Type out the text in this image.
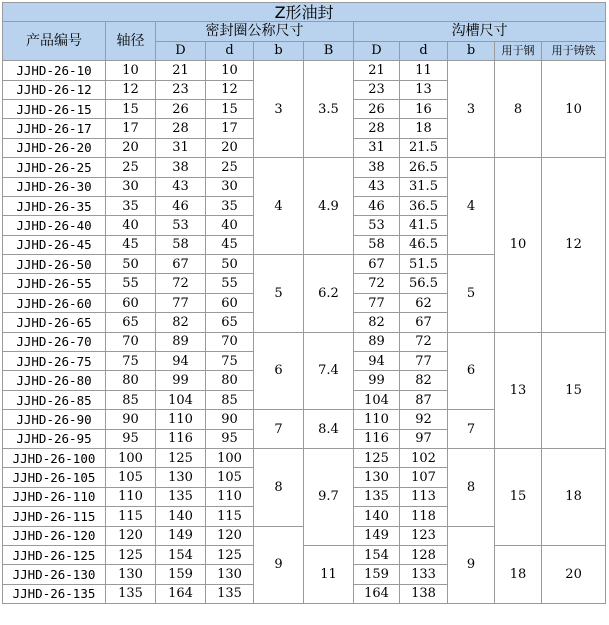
Z形油封										
产品编号	轴径	密封圈公称尺寸				沟槽尺寸				
		D	d	b	B	D	d	b	用于钢	用于铸铁
JJHD-26-10	10	21	10	3	3.5	21	11	3	8	10
JJHD-26-12	12	23	12			23	13			
JJHD-26-15	15	26	15			26	16			
JJHD-26-17	17	28	17			28	18			
JJHD-26-20	20	31	20			31	21.5			
JJHD-26-25	25	38	25	4	4.9	38	26.5	4	10	12
JJHD-26-30	30	43	30			43	31.5			
JJHD-26-35	35	46	35			46	36.5			
JJHD-26-40	40	53	40			53	41.5			
JJHD-26-45	45	58	45			58	46.5			
JJHD-26-50	50	67	50	5	6.2	67	51.5	5		
JJHD-26-55	55	72	55			72	56.5			
JJHD-26-60	60	77	60			77	62			
JJHD-26-65	65	82	65			82	67			
JJHD-26-70	70	89	70	6	7.4	89	72	6	13	15
JJHD-26-75	75	94	75			94	77			
JJHD-26-80	80	99	80			99	82			
JJHD-26-85	85	104	85			104	87			
JJHD-26-90	90	110	90	7	8.4	110	92	7		
JJHD-26-95	95	116	95			116	97			
JJHD-26-100	100	125	100	8	9.7	125	102	8	15	18
JJHD-26-105	105	130	105			130	107			
JJHD-26-110	110	135	110			135	113			
JJHD-26-115	115	140	115			140	118			
JJHD-26-120	120	149	120	9		149	123	9		
JJHD-26-125	125	154	125		11	154	128		18	20
JJHD-26-130	130	159	130			159	133			
JJHD-26-135	135	164	135			164	138			
